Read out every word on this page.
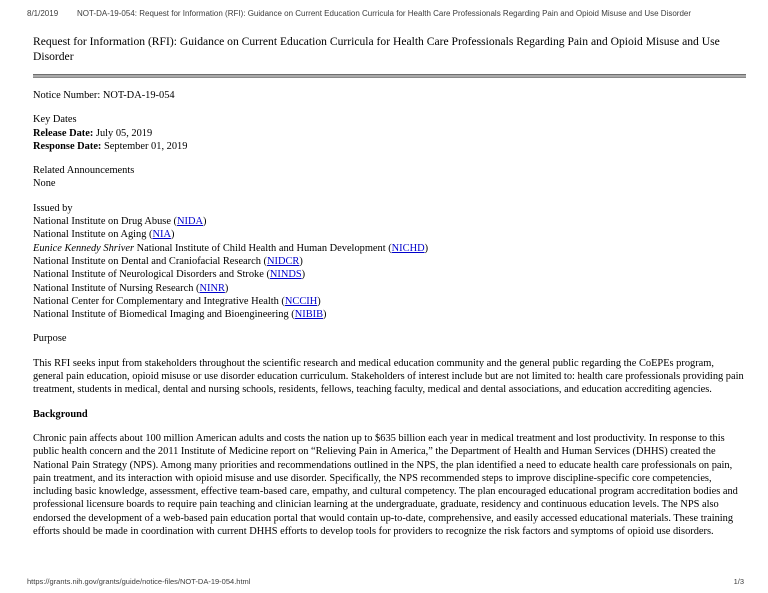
8/1/2019 NOT-DA-19-054: Request for Information (RFI): Guidance on Current Education Curricula for Health Care Professionals Regarding Pain and Opioid Misuse and Use Disorder
Request for Information (RFI): Guidance on Current Education Curricula for Health Care Professionals Regarding Pain and Opioid Misuse and Use Disorder
Notice Number: NOT-DA-19-054
Key Dates
Release Date: July 05, 2019
Response Date: September 01, 2019
Related Announcements
None
Issued by
National Institute on Drug Abuse (NIDA)
National Institute on Aging (NIA)
Eunice Kennedy Shriver National Institute of Child Health and Human Development (NICHD)
National Institute on Dental and Craniofacial Research (NIDCR)
National Institute of Neurological Disorders and Stroke (NINDS)
National Institute of Nursing Research (NINR)
National Center for Complementary and Integrative Health (NCCIH)
National Institute of Biomedical Imaging and Bioengineering (NIBIB)
Purpose

This RFI seeks input from stakeholders throughout the scientific research and medical education community and the general public regarding the CoEPEs program, general pain education, opioid misuse or use disorder education curriculum. Stakeholders of interest include but are not limited to: health care professionals providing pain treatment, students in medical, dental and nursing schools, residents, fellows, teaching faculty, medical and dental associations, and education accrediting agencies.

Background

Chronic pain affects about 100 million American adults and costs the nation up to $635 billion each year in medical treatment and lost productivity. In response to this public health concern and the 2011 Institute of Medicine report on “Relieving Pain in America,” the Department of Health and Human Services (DHHS) created the National Pain Strategy (NPS). Among many priorities and recommendations outlined in the NPS, the plan identified a need to educate health care professionals on pain, pain treatment, and its interaction with opioid misuse and use disorder. Specifically, the NPS recommended steps to improve discipline-specific core competencies, including basic knowledge, assessment, effective team-based care, empathy, and cultural competency. The plan encouraged educational program accreditation bodies and professional licensure boards to require pain teaching and clinician learning at the undergraduate, graduate, residency and continuous education levels. The NPS also endorsed the development of a web-based pain education portal that would contain up-to-date, comprehensive, and easily accessed educational materials. These training efforts should be made in coordination with current DHHS efforts to develop tools for providers to recognize the risk factors and symptoms of opioid use disorders.

https://grants.nih.gov/grants/guide/notice-files/NOT-DA-19-054.html	1/3
